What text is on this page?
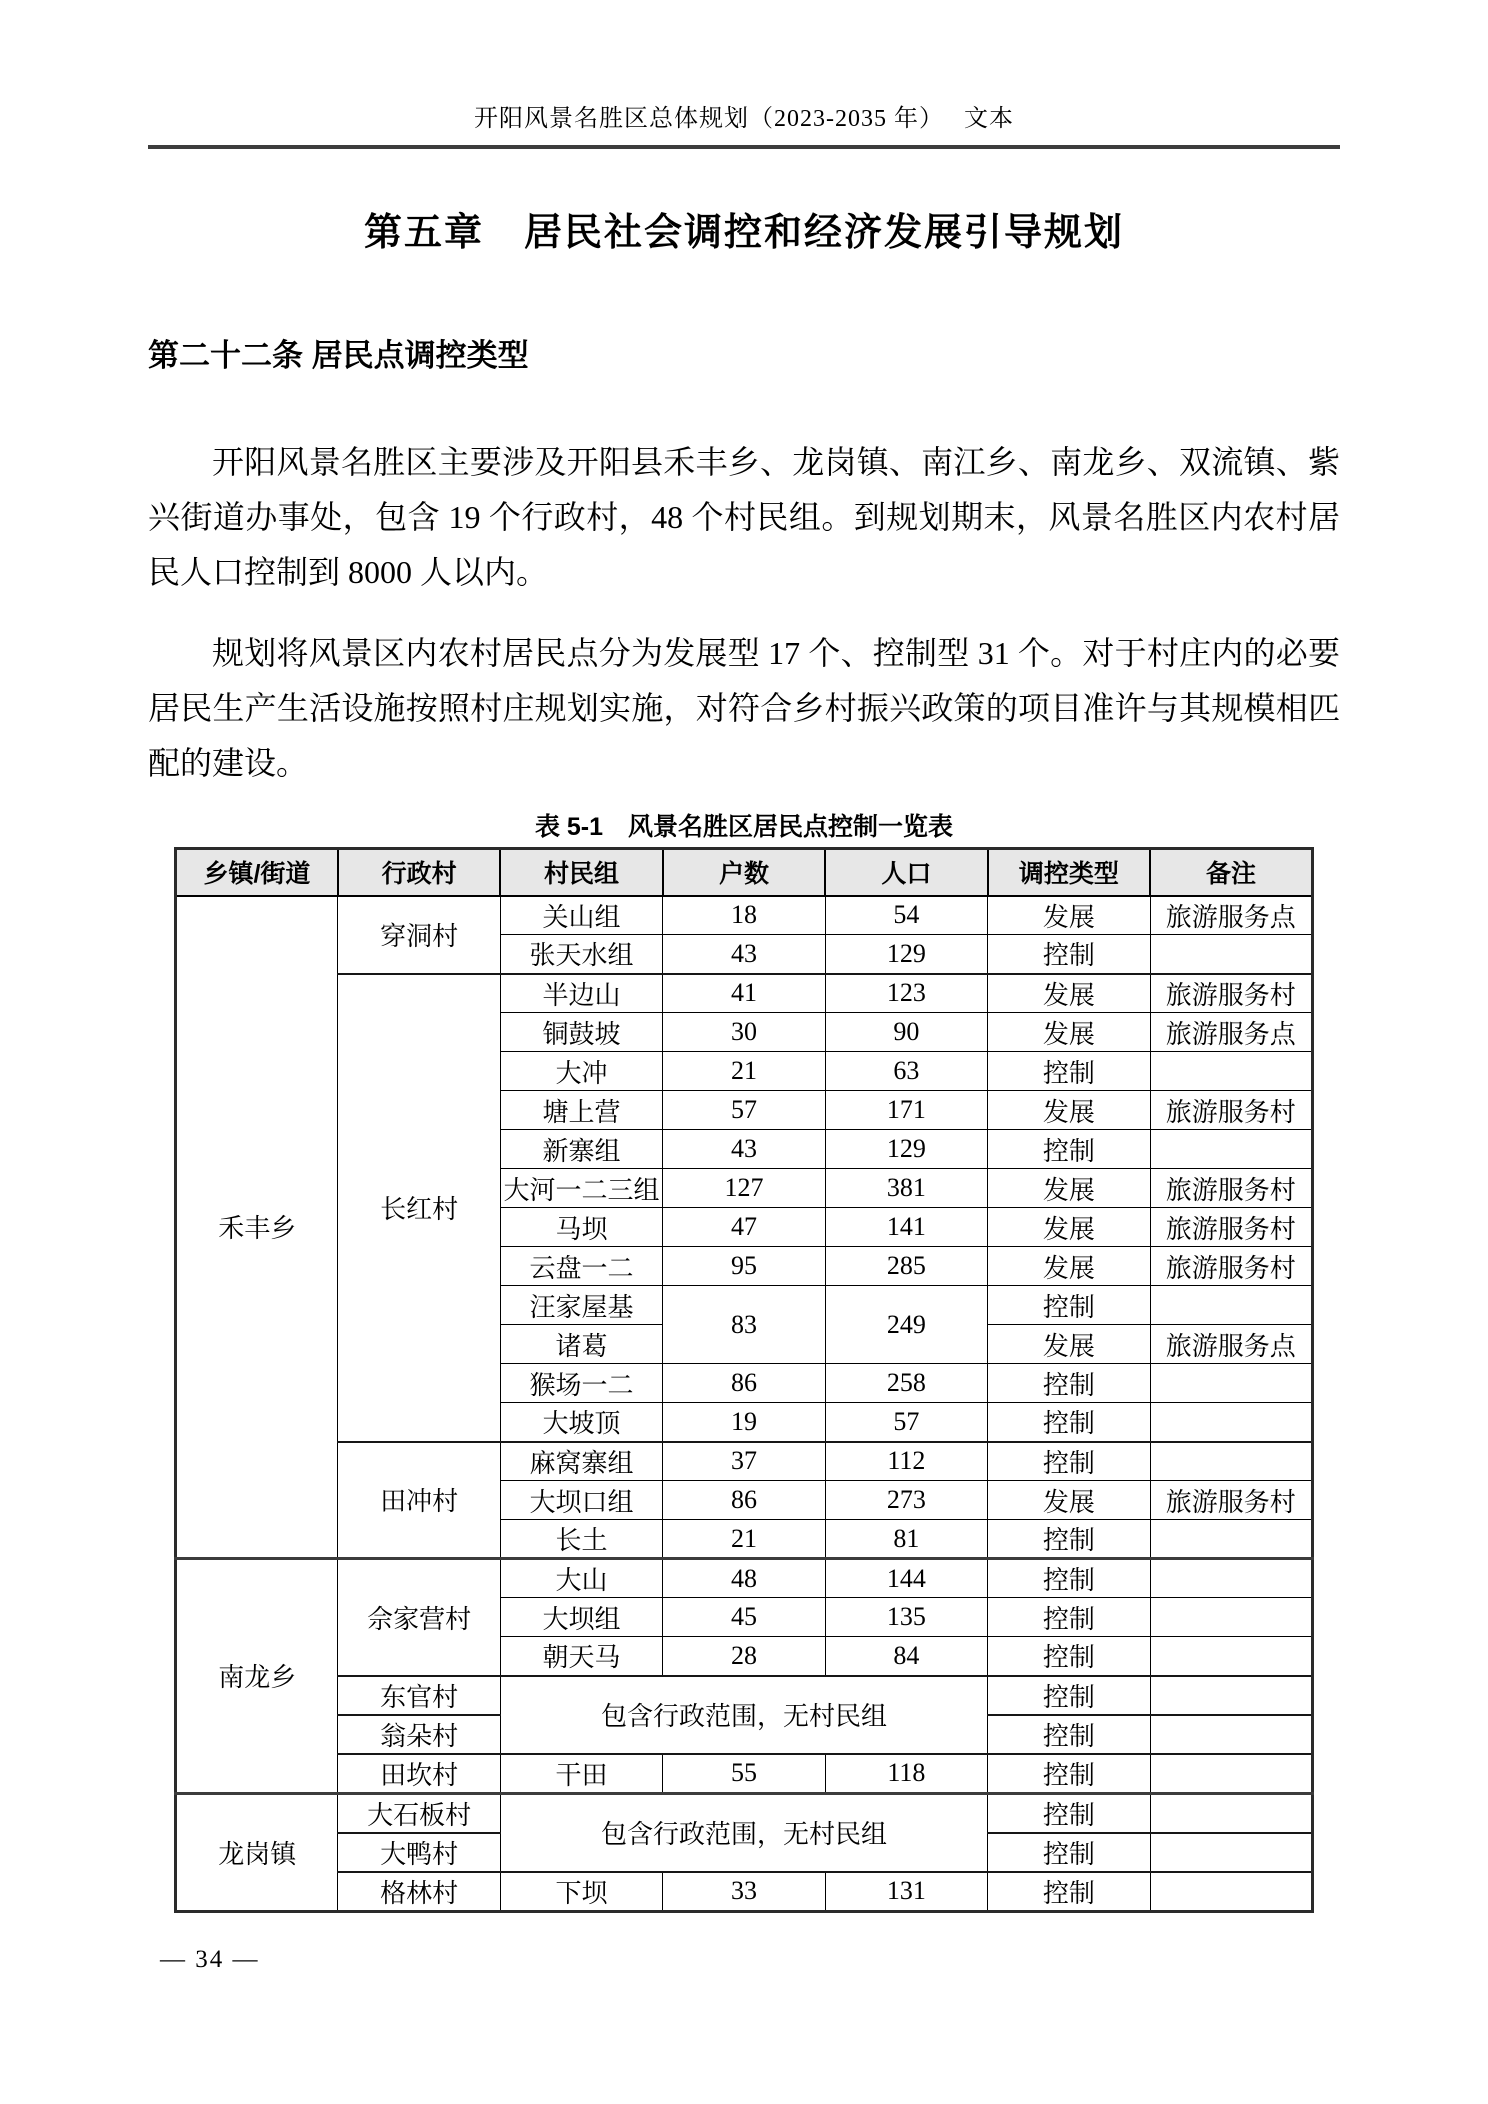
开阳风景名胜区总体规划（2023-2035 年）　 文本
第五章　居民社会调控和经济发展引导规划
第二十二条 居民点调控类型

开阳风景名胜区主要涉及开阳县禾丰乡、龙岗镇、南江乡、南龙乡、双流镇、紫兴街道办事处，包含 19 个行政村，48 个村民组。到规划期末，风景名胜区内农村居民人口控制到 8000 人以内。

规划将风景区内农村居民点分为发展型 17 个、控制型 31 个。对于村庄内的必要居民生产生活设施按照村庄规划实施，对符合乡村振兴政策的项目准许与其规模相匹配的建设。

表 5-1　风景名胜区居民点控制一览表
乡镇/街道	行政村	村民组	户数	人口	调控类型	备注
禾丰乡	穿洞村	关山组	18	54	发展	旅游服务点
		张天水组	43	129	控制	
	长红村	半边山	41	123	发展	旅游服务村
		铜鼓坡	30	90	发展	旅游服务点
		大冲	21	63	控制	
		塘上营	57	171	发展	旅游服务村
		新寨组	43	129	控制	
		大河一二三组	127	381	发展	旅游服务村
		马坝	47	141	发展	旅游服务村
		云盘一二	95	285	发展	旅游服务村
		汪家屋基	83	249	控制	
		诸葛			发展	旅游服务点
		猴场一二	86	258	控制	
		大坡顶	19	57	控制	
	田冲村	麻窝寨组	37	112	控制	
		大坝口组	86	273	发展	旅游服务村
		长土	21	81	控制	
南龙乡	佘家营村	大山	48	144	控制	
		大坝组	45	135	控制	
		朝天马	28	84	控制	
	东官村	包含行政范围，无村民组			控制	
	翁朵村				控制	
	田坎村	干田	55	118	控制	
龙岗镇	大石板村	包含行政范围，无村民组			控制	
	大鸭村				控制	
	格林村	下坝	33	131	控制	
— 34 —
